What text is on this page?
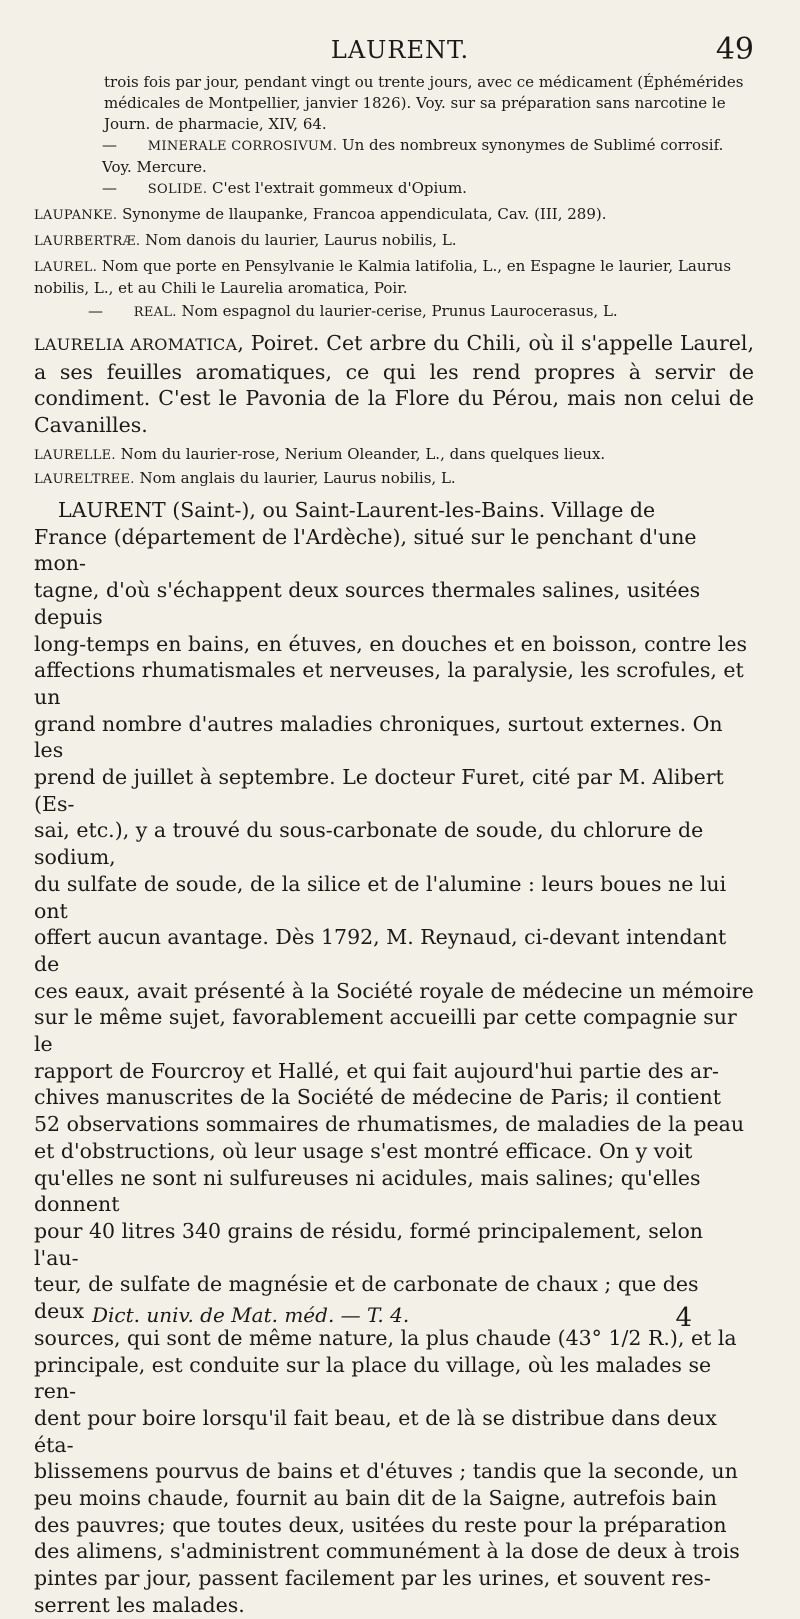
LAURENT.	49

trois fois par jour, pendant vingt ou trente jours, avec ce médicament (Éphémérides médicales de Montpellier, janvier 1826). Voy. sur sa préparation sans narcotine le Journ. de pharmacie, XIV, 64.

— MINERALE CORROSIVUM. Un des nombreux synonymes de Sublimé corrosif. Voy. Mercure.

— SOLIDE. C'est l'extrait gommeux d'Opium.

LAUPANKE. Synonyme de llaupanke, Francoa appendiculata, Cav. (III, 289).

LAURBERTRÆ. Nom danois du laurier, Laurus nobilis, L.

LAUREL. Nom que porte en Pensylvanie le Kalmia latifolia, L., en Espagne le laurier, Laurus nobilis, L., et au Chili le Laurelia aromatica, Poir.

— REAL. Nom espagnol du laurier-cerise, Prunus Laurocerasus, L.

LAURELIA AROMATICA, Poiret. Cet arbre du Chili, où il s'appelle Laurel, a ses feuilles aromatiques, ce qui les rend propres à servir de condiment. C'est le Pavonia de la Flore du Pérou, mais non celui de Cavanilles.

LAURELLE. Nom du laurier-rose, Nerium Oleander, L., dans quelques lieux.

LAURELTREE. Nom anglais du laurier, Laurus nobilis, L.

LAURENT (Saint-), ou Saint-Laurent-les-Bains. Village de
France (département de l'Ardèche), situé sur le penchant d'une mon-
tagne, d'où s'échappent deux sources thermales salines, usitées depuis
long-temps en bains, en étuves, en douches et en boisson, contre les
affections rhumatismales et nerveuses, la paralysie, les scrofules, et un
grand nombre d'autres maladies chroniques, surtout externes. On les
prend de juillet à septembre. Le docteur Furet, cité par M. Alibert (Es-
sai, etc.), y a trouvé du sous-carbonate de soude, du chlorure de sodium,
du sulfate de soude, de la silice et de l'alumine : leurs boues ne lui ont
offert aucun avantage. Dès 1792, M. Reynaud, ci-devant intendant de
ces eaux, avait présenté à la Société royale de médecine un mémoire
sur le même sujet, favorablement accueilli par cette compagnie sur le
rapport de Fourcroy et Hallé, et qui fait aujourd'hui partie des ar-
chives manuscrites de la Société de médecine de Paris; il contient
52 observations sommaires de rhumatismes, de maladies de la peau
et d'obstructions, où leur usage s'est montré efficace. On y voit
qu'elles ne sont ni sulfureuses ni acidules, mais salines; qu'elles donnent
pour 40 litres 340 grains de résidu, formé principalement, selon l'au-
teur, de sulfate de magnésie et de carbonate de chaux ; que des deux
sources, qui sont de même nature, la plus chaude (43° 1/2 R.), et la
principale, est conduite sur la place du village, où les malades se ren-
dent pour boire lorsqu'il fait beau, et de là se distribue dans deux éta-
blissemens pourvus de bains et d'étuves ; tandis que la seconde, un
peu moins chaude, fournit au bain dit de la Saigne, autrefois bain
des pauvres; que toutes deux, usitées du reste pour la préparation
des alimens, s'administrent communément à la dose de deux à trois
pintes par jour, passent facilement par les urines, et souvent res-
serrent les malades.
Dict. univ. de Mat. méd. — T. 4.	4
